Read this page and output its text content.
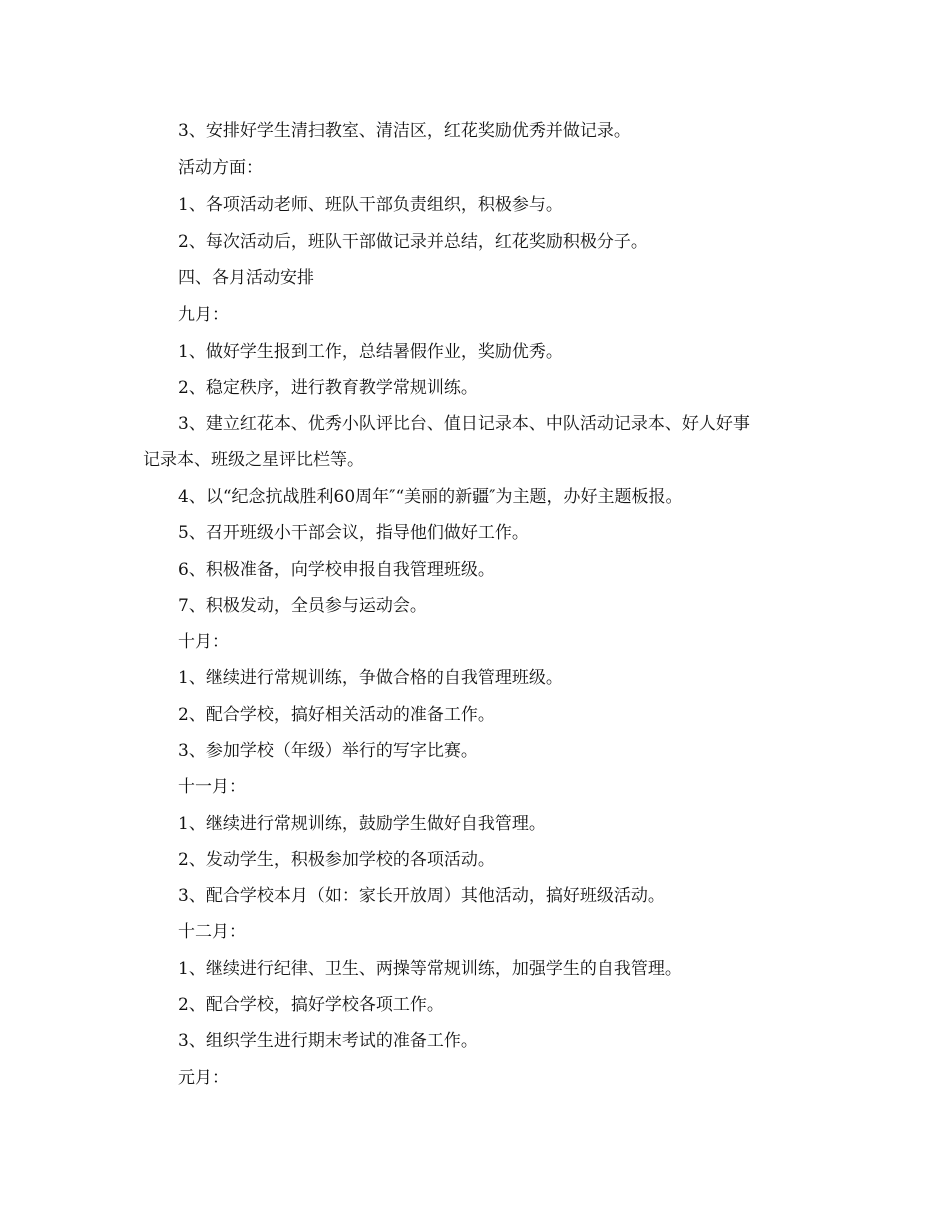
3、安排好学生清扫教室、清洁区，红花奖励优秀并做记录。
活动方面：
1、各项活动老师、班队干部负责组织，积极参与。
2、每次活动后，班队干部做记录并总结，红花奖励积极分子。
四、各月活动安排
九月：
1、做好学生报到工作，总结暑假作业，奖励优秀。
2、稳定秩序，进行教育教学常规训练。
3、建立红花本、优秀小队评比台、值日记录本、中队活动记录本、好人好事
记录本、班级之星评比栏等。
4、以“纪念抗战胜利60周年″“美丽的新疆″为主题，办好主题板报。
5、召开班级小干部会议，指导他们做好工作。
6、积极准备，向学校申报自我管理班级。
7、积极发动，全员参与运动会。
十月：
1、继续进行常规训练，争做合格的自我管理班级。
2、配合学校，搞好相关活动的准备工作。
3、参加学校（年级）举行的写字比赛。
十一月：
1、继续进行常规训练，鼓励学生做好自我管理。
2、发动学生，积极参加学校的各项活动。
3、配合学校本月（如：家长开放周）其他活动，搞好班级活动。
十二月：
1、继续进行纪律、卫生、两操等常规训练，加强学生的自我管理。
2、配合学校，搞好学校各项工作。
3、组织学生进行期末考试的准备工作。
元月：
